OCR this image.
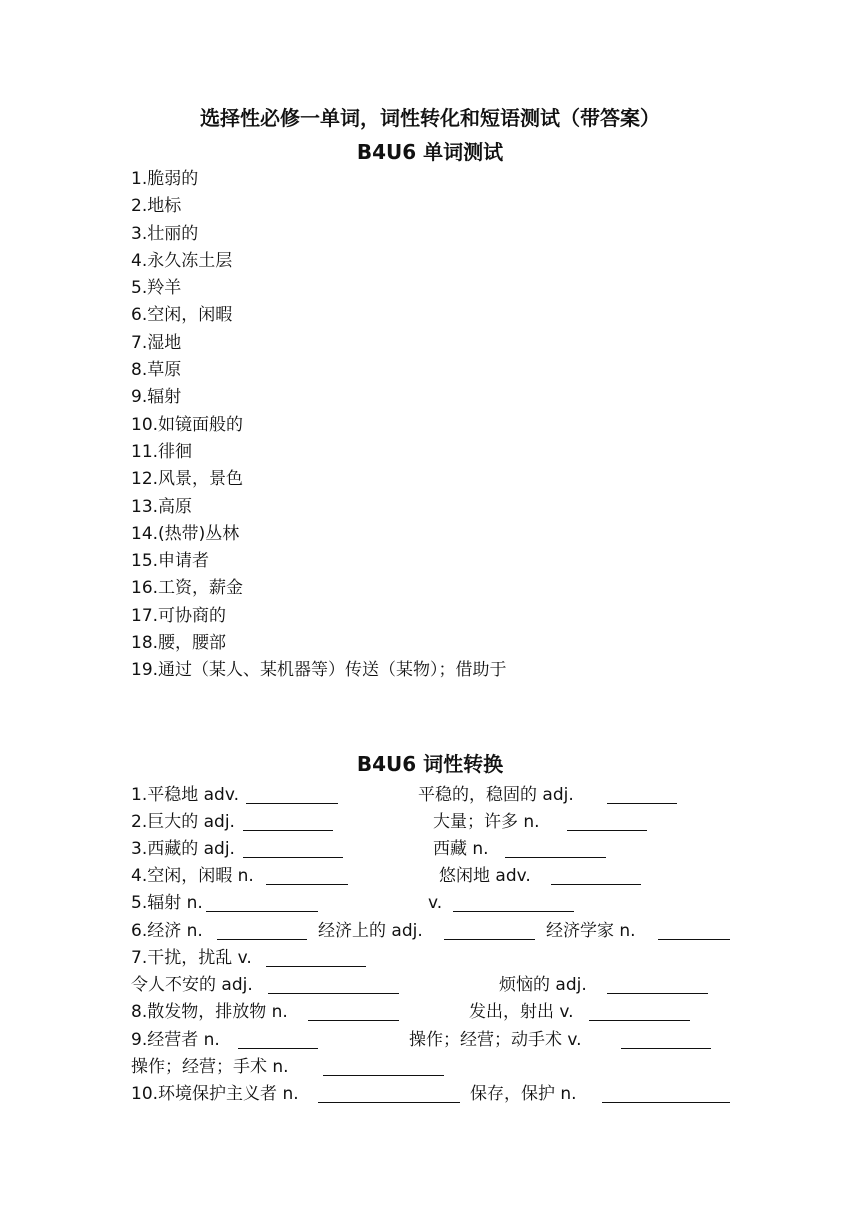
选择性必修一单词，词性转化和短语测试（带答案）
B4U6 单词测试
1.脆弱的
2.地标
3.壮丽的
4.永久冻土层
5.羚羊
6.空闲，闲暇
7.湿地
8.草原
9.辐射
10.如镜面般的
11.徘徊
12.风景，景色
13.高原
14.(热带)丛林
15.申请者
16.工资，薪金
17.可协商的
18.腰，腰部
19.通过（某人、某机器等）传送（某物）；借助于
B4U6 词性转换
1.平稳地 adv.	平稳的，稳固的 adj.
2.巨大的 adj.	大量；许多 n.
3.西藏的 adj.	西藏 n.
4.空闲，闲暇 n.	悠闲地 adv.
5.辐射 n.	v.
6.经济 n.	经济上的 adj.	经济学家 n.
7.干扰，扰乱 v.
令人不安的 adj.	烦恼的 adj.
8.散发物，排放物 n.	发出，射出 v.
9.经营者 n.	操作；经营；动手术 v.
操作；经营；手术 n.
10.环境保护主义者 n.	保存，保护 n.
